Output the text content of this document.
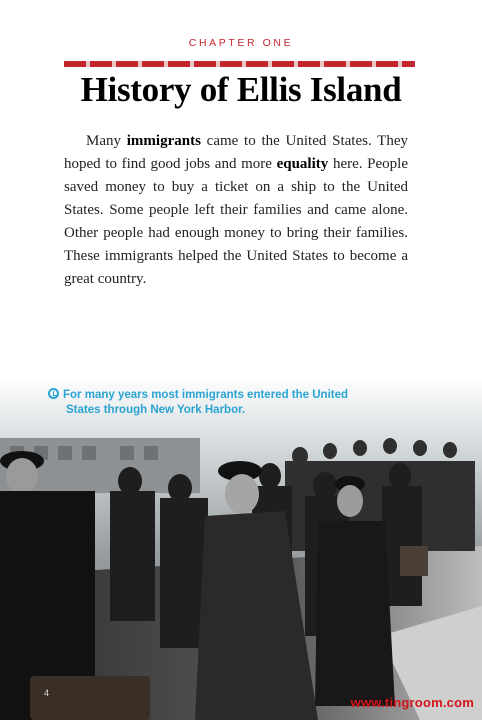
CHAPTER ONE
History of Ellis Island
Many immigrants came to the United States. They hoped to find good jobs and more equality here. People saved money to buy a ticket on a ship to the United States. Some people left their families and came alone. Other people had enough money to bring their families. These immigrants helped the United States to become a great country.
For many years most immigrants entered the United
States through New York Harbor.
4
www.tingroom.com
